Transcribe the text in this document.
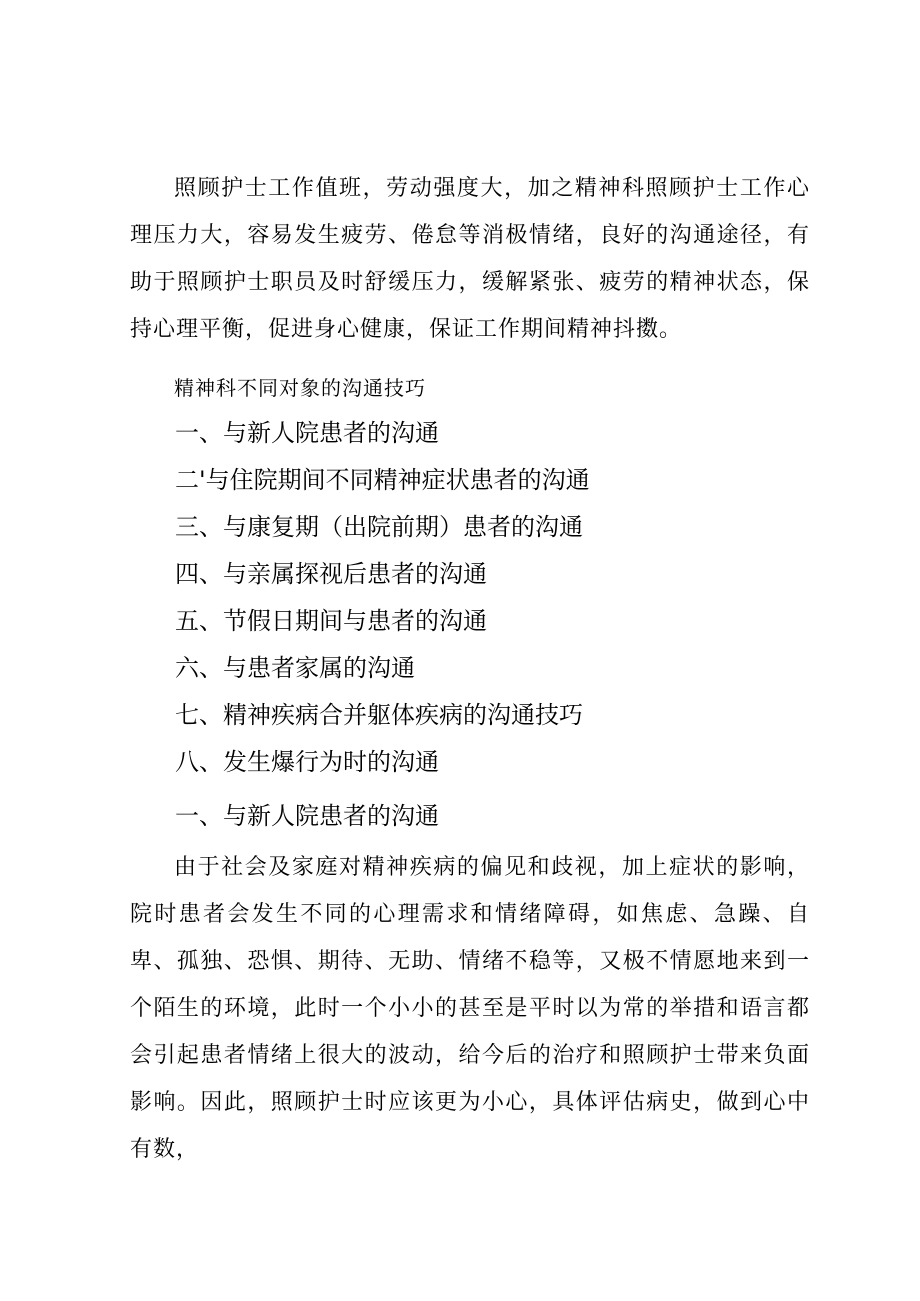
照顾护士工作值班，劳动强度大，加之精神科照顾护士工作心理压力大，容易发生疲劳、倦怠等消极情绪，良好的沟通途径，有助于照顾护士职员及时舒缓压力，缓解紧张、疲劳的精神状态，保持心理平衡，促进身心健康，保证工作期间精神抖擞。

精神科不同对象的沟通技巧

一、与新人院患者的沟通
二'与住院期间不同精神症状患者的沟通
三、与康复期（出院前期）患者的沟通
四、与亲属探视后患者的沟通
五、节假日期间与患者的沟通
六、与患者家属的沟通
七、精神疾病合并躯体疾病的沟通技巧
八、发生爆行为时的沟通
一、与新人院患者的沟通

由于社会及家庭对精神疾病的偏见和歧视，加上症状的影响，院时患者会发生不同的心理需求和情绪障碍，如焦虑、急躁、自卑、孤独、恐惧、期待、无助、情绪不稳等，又极不情愿地来到一个陌生的环境，此时一个小小的甚至是平时以为常的举措和语言都会引起患者情绪上很大的波动，给今后的治疗和照顾护士带来负面影响。因此，照顾护士时应该更为小心，具体评估病史，做到心中有数，
